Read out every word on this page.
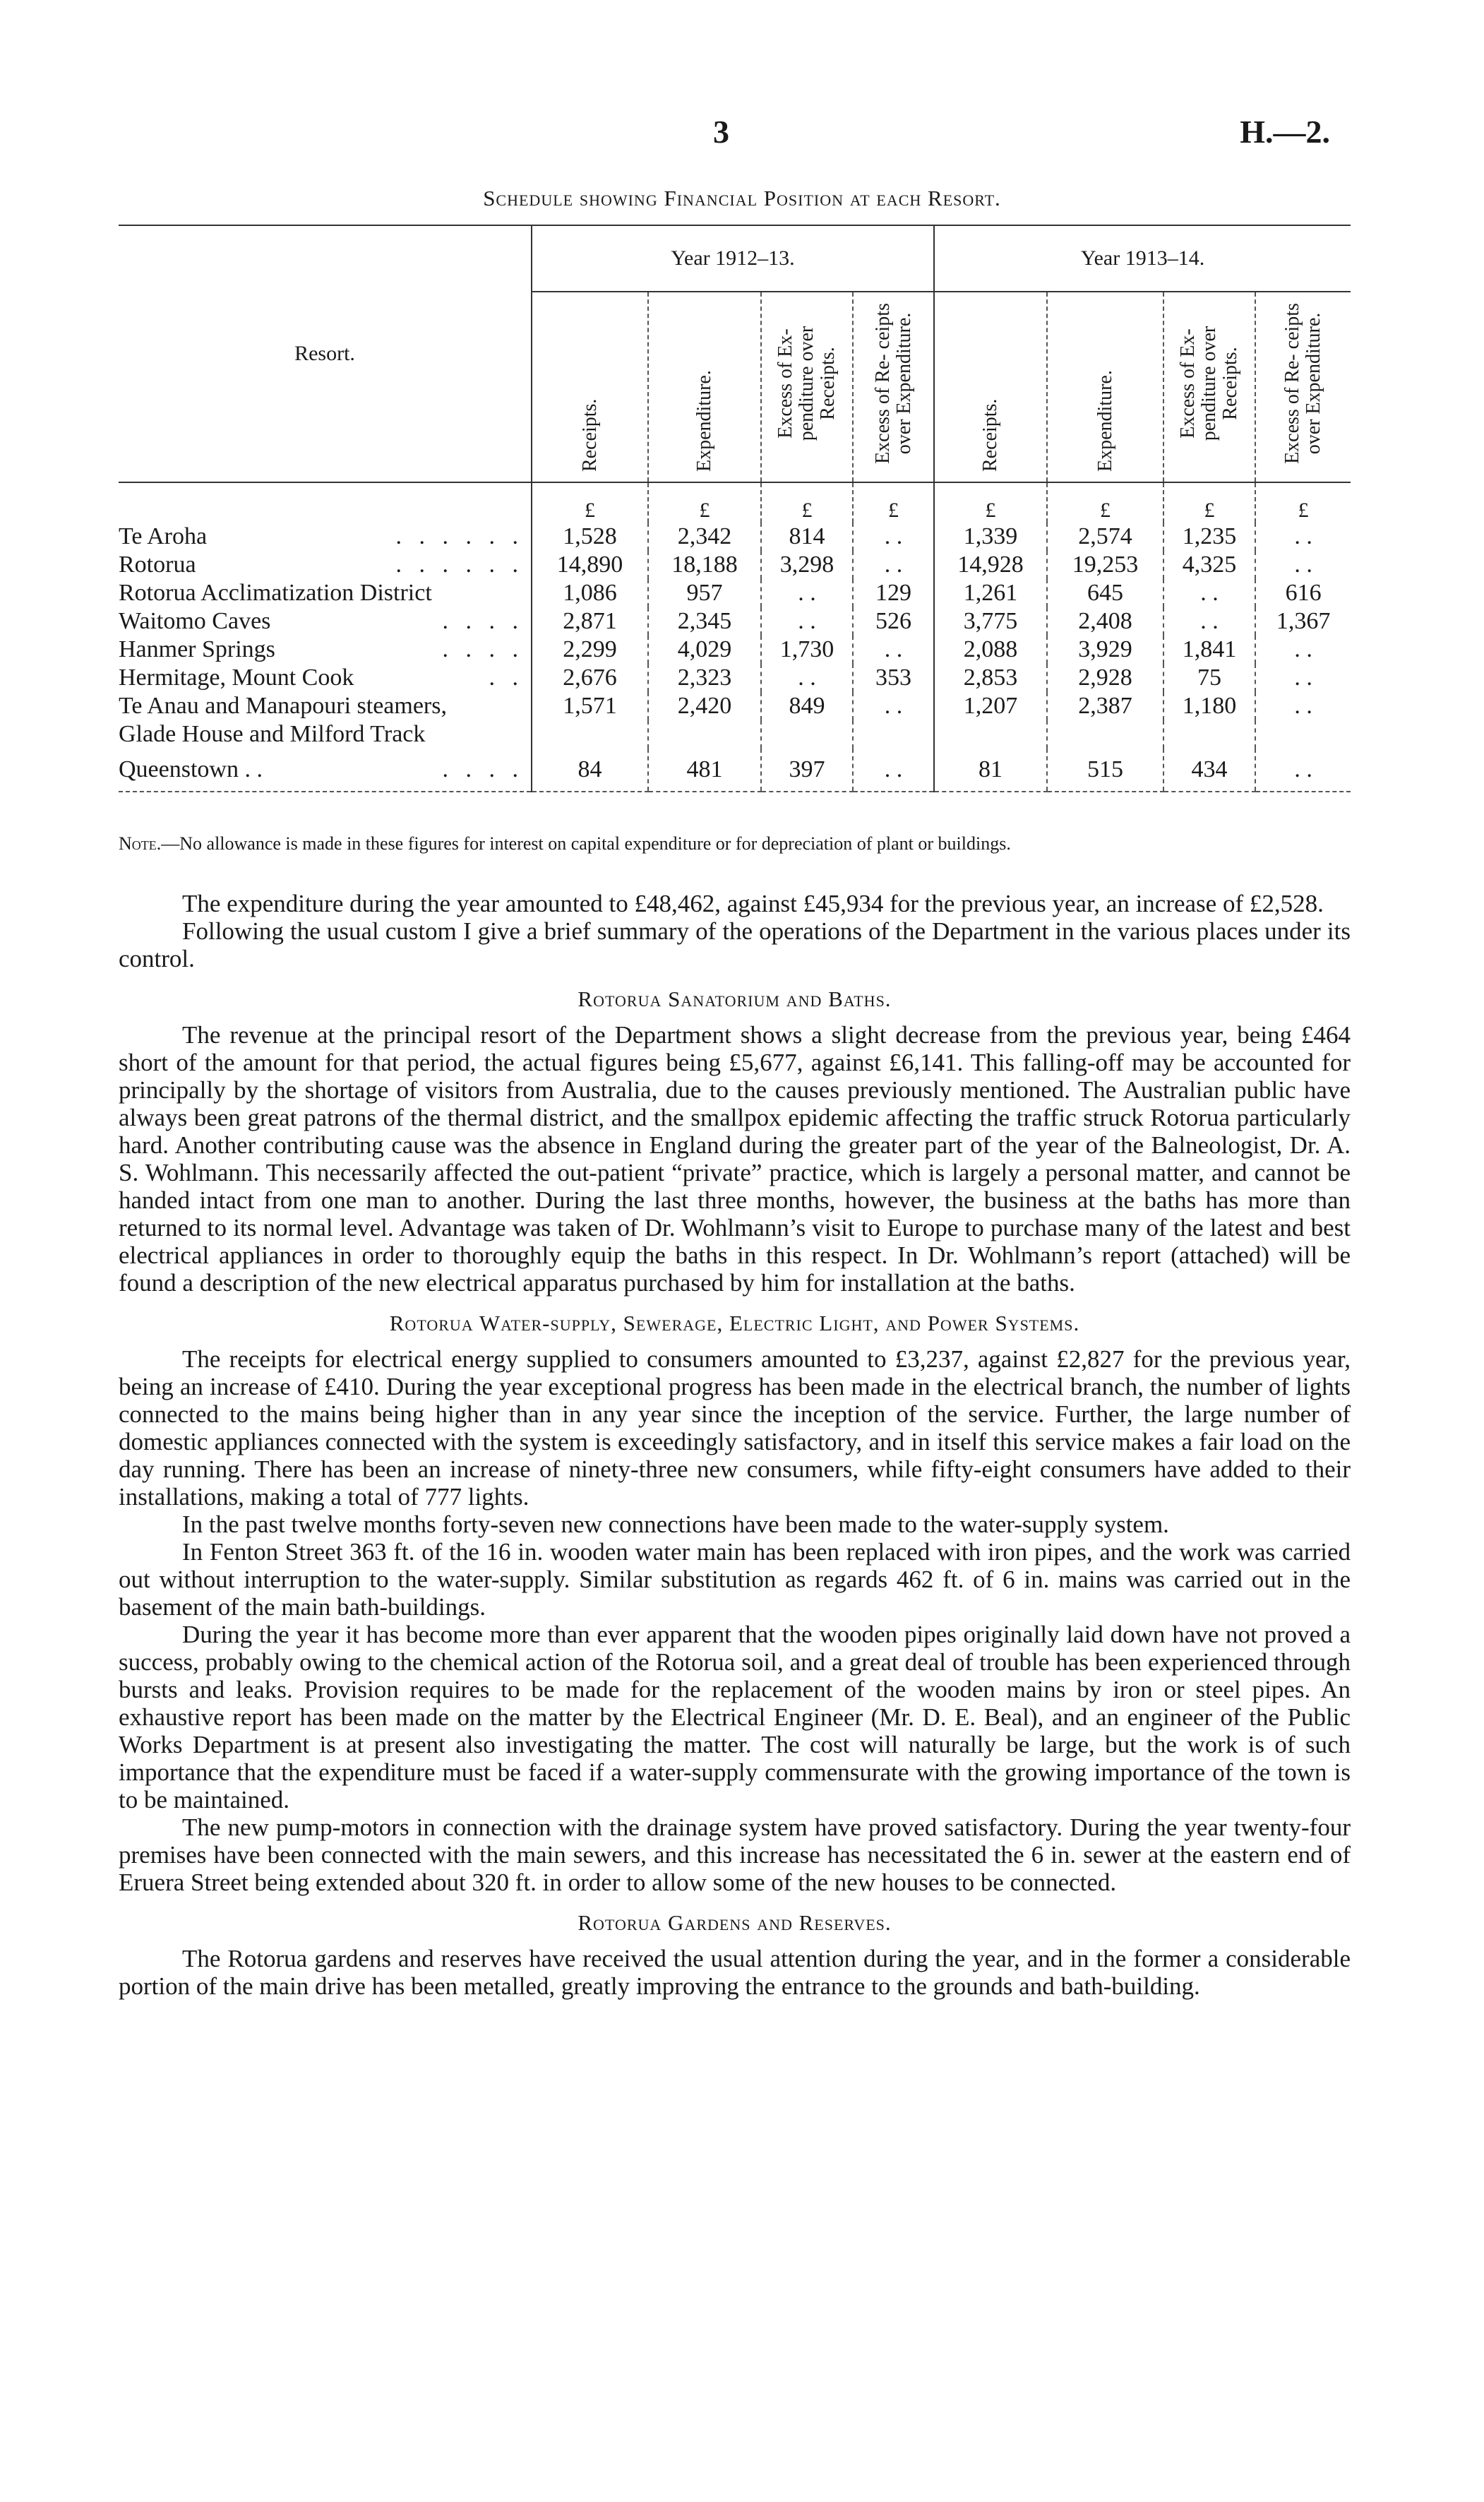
3	H.—2.
Schedule showing Financial Position at each Resort.
Resort.	Year 1912–13.				Year 1913–14.			

	Receipts.	Expenditure.	Excess of Ex- penditure over Receipts.	Excess of Re- ceipts over Expenditure.	Receipts.	Expenditure.	Excess of Ex- penditure over Receipts.	Excess of Re- ceipts over Expenditure.

	£	£	£	£	£	£	£	£
Te Aroha . . . . . .	1,528	2,342	814	. .	1,339	2,574	1,235	. .
Rotorua . . . . . .	14,890	18,188	3,298	. .	14,928	19,253	4,325	. .
Rotorua Acclimatization District	1,086	957	. .	129	1,261	645	. .	616
Waitomo Caves . . . .	2,871	2,345	. .	526	3,775	2,408	. .	1,367
Hanmer Springs . . . .	2,299	4,029	1,730	. .	2,088	3,929	1,841	. .
Hermitage, Mount Cook . .	2,676	2,323	. .	353	2,853	2,928	75	. .
Te Anau and Manapouri steamers,	1,571	2,420	849	. .	1,207	2,387	1,180	. .
Glade House and Milford Track

Queenstown . . . . . .	84	481	397	. .	81	515	434	. .
Note.—No allowance is made in these figures for interest on capital expenditure or for depreciation of plant or buildings.

The expenditure during the year amounted to £48,462, against £45,934 for the previous year, an increase of £2,528.

Following the usual custom I give a brief summary of the operations of the Department in the various places under its control.

Rotorua Sanatorium and Baths.

The revenue at the principal resort of the Department shows a slight decrease from the previous year, being £464 short of the amount for that period, the actual figures being £5,677, against £6,141. This falling-off may be accounted for principally by the shortage of visitors from Australia, due to the causes previously mentioned. The Australian public have always been great patrons of the thermal district, and the smallpox epidemic affecting the traffic struck Rotorua particularly hard. Another contributing cause was the absence in England during the greater part of the year of the Balneologist, Dr. A. S. Wohlmann. This necessarily affected the out-patient “private” practice, which is largely a personal matter, and cannot be handed intact from one man to another. During the last three months, however, the business at the baths has more than returned to its normal level. Advantage was taken of Dr. Wohlmann’s visit to Europe to purchase many of the latest and best electrical appliances in order to thoroughly equip the baths in this respect. In Dr. Wohlmann’s report (attached) will be found a description of the new electrical apparatus purchased by him for installation at the baths.

Rotorua Water-supply, Sewerage, Electric Light, and Power Systems.

The receipts for electrical energy supplied to consumers amounted to £3,237, against £2,827 for the previous year, being an increase of £410. During the year exceptional progress has been made in the electrical branch, the number of lights connected to the mains being higher than in any year since the inception of the service. Further, the large number of domestic appliances connected with the system is exceedingly satisfactory, and in itself this service makes a fair load on the day running. There has been an increase of ninety-three new consumers, while fifty-eight consumers have added to their installations, making a total of 777 lights.

In the past twelve months forty-seven new connections have been made to the water-supply system.

In Fenton Street 363 ft. of the 16 in. wooden water main has been replaced with iron pipes, and the work was carried out without interruption to the water-supply. Similar substitution as regards 462 ft. of 6 in. mains was carried out in the basement of the main bath-buildings.

During the year it has become more than ever apparent that the wooden pipes originally laid down have not proved a success, probably owing to the chemical action of the Rotorua soil, and a great deal of trouble has been experienced through bursts and leaks. Provision requires to be made for the replacement of the wooden mains by iron or steel pipes. An exhaustive report has been made on the matter by the Electrical Engineer (Mr. D. E. Beal), and an engineer of the Public Works Department is at present also investigating the matter. The cost will naturally be large, but the work is of such importance that the expenditure must be faced if a water-supply commensurate with the growing importance of the town is to be maintained.

The new pump-motors in connection with the drainage system have proved satisfactory. During the year twenty-four premises have been connected with the main sewers, and this increase has necessitated the 6 in. sewer at the eastern end of Eruera Street being extended about 320 ft. in order to allow some of the new houses to be connected.

Rotorua Gardens and Reserves.

The Rotorua gardens and reserves have received the usual attention during the year, and in the former a considerable portion of the main drive has been metalled, greatly improving the entrance to the grounds and bath-building.
